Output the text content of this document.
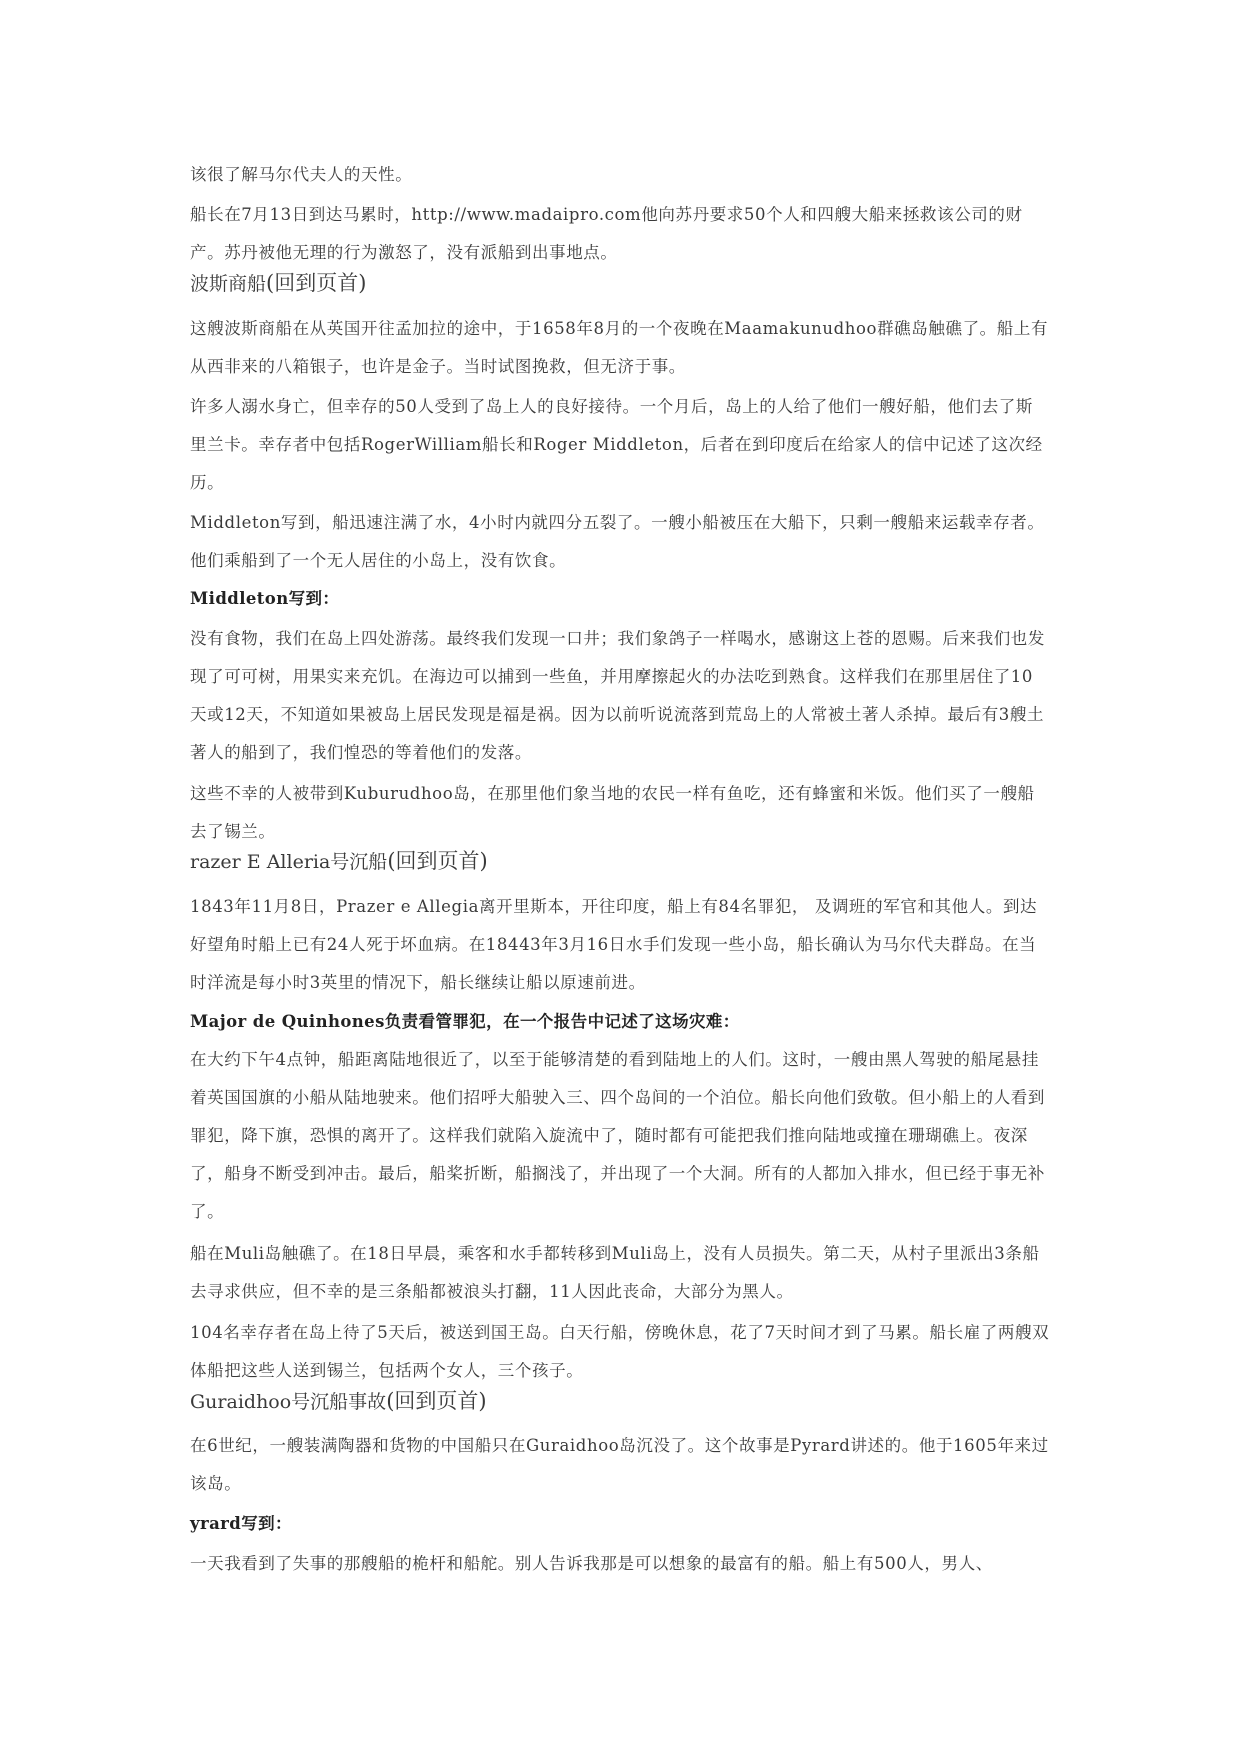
该很了解马尔代夫人的天性。

船长在7月13日到达马累时，http://www.madaipro.com他向苏丹要求50个人和四艘大船来拯救该公司的财产。苏丹被他无理的行为激怒了，没有派船到出事地点。

波斯商船(回到页首)

这艘波斯商船在从英国开往孟加拉的途中，于1658年8月的一个夜晚在Maamakunudhoo群礁岛触礁了。船上有从西非来的八箱银子，也许是金子。当时试图挽救，但无济于事。

许多人溺水身亡，但幸存的50人受到了岛上人的良好接待。一个月后，岛上的人给了他们一艘好船，他们去了斯里兰卡。幸存者中包括RogerWilliam船长和Roger Middleton，后者在到印度后在给家人的信中记述了这次经历。

Middleton写到，船迅速注满了水，4小时内就四分五裂了。一艘小船被压在大船下，只剩一艘船来运载幸存者。他们乘船到了一个无人居住的小岛上，没有饮食。

Middleton写到：

没有食物，我们在岛上四处游荡。最终我们发现一口井；我们象鸽子一样喝水，感谢这上苍的恩赐。后来我们也发现了可可树，用果实来充饥。在海边可以捕到一些鱼，并用摩擦起火的办法吃到熟食。这样我们在那里居住了10天或12天，不知道如果被岛上居民发现是福是祸。因为以前听说流落到荒岛上的人常被土著人杀掉。最后有3艘土著人的船到了，我们惶恐的等着他们的发落。

这些不幸的人被带到Kuburudhoo岛，在那里他们象当地的农民一样有鱼吃，还有蜂蜜和米饭。他们买了一艘船去了锡兰。

razer E Alleria号沉船(回到页首)

1843年11月8日，Prazer e Allegia离开里斯本，开往印度，船上有84名罪犯， 及调班的军官和其他人。到达好望角时船上已有24人死于坏血病。在18443年3月16日水手们发现一些小岛，船长确认为马尔代夫群岛。在当时洋流是每小时3英里的情况下，船长继续让船以原速前进。

Major de Quinhones负责看管罪犯，在一个报告中记述了这场灾难：

在大约下午4点钟，船距离陆地很近了，以至于能够清楚的看到陆地上的人们。这时，一艘由黑人驾驶的船尾悬挂着英国国旗的小船从陆地驶来。他们招呼大船驶入三、四个岛间的一个泊位。船长向他们致敬。但小船上的人看到罪犯，降下旗，恐惧的离开了。这样我们就陷入旋流中了，随时都有可能把我们推向陆地或撞在珊瑚礁上。夜深了，船身不断受到冲击。最后，船桨折断，船搁浅了，并出现了一个大洞。所有的人都加入排水，但已经于事无补了。

船在Muli岛触礁了。在18日早晨，乘客和水手都转移到Muli岛上，没有人员损失。第二天，从村子里派出3条船去寻求供应，但不幸的是三条船都被浪头打翻，11人因此丧命，大部分为黑人。

104名幸存者在岛上待了5天后，被送到国王岛。白天行船，傍晚休息，花了7天时间才到了马累。船长雇了两艘双体船把这些人送到锡兰，包括两个女人，三个孩子。

Guraidhoo号沉船事故(回到页首)

在6世纪，一艘装满陶器和货物的中国船只在Guraidhoo岛沉没了。这个故事是Pyrard讲述的。他于1605年来过该岛。

yrard写到：

一天我看到了失事的那艘船的桅杆和船舵。别人告诉我那是可以想象的最富有的船。船上有500人，男人、
